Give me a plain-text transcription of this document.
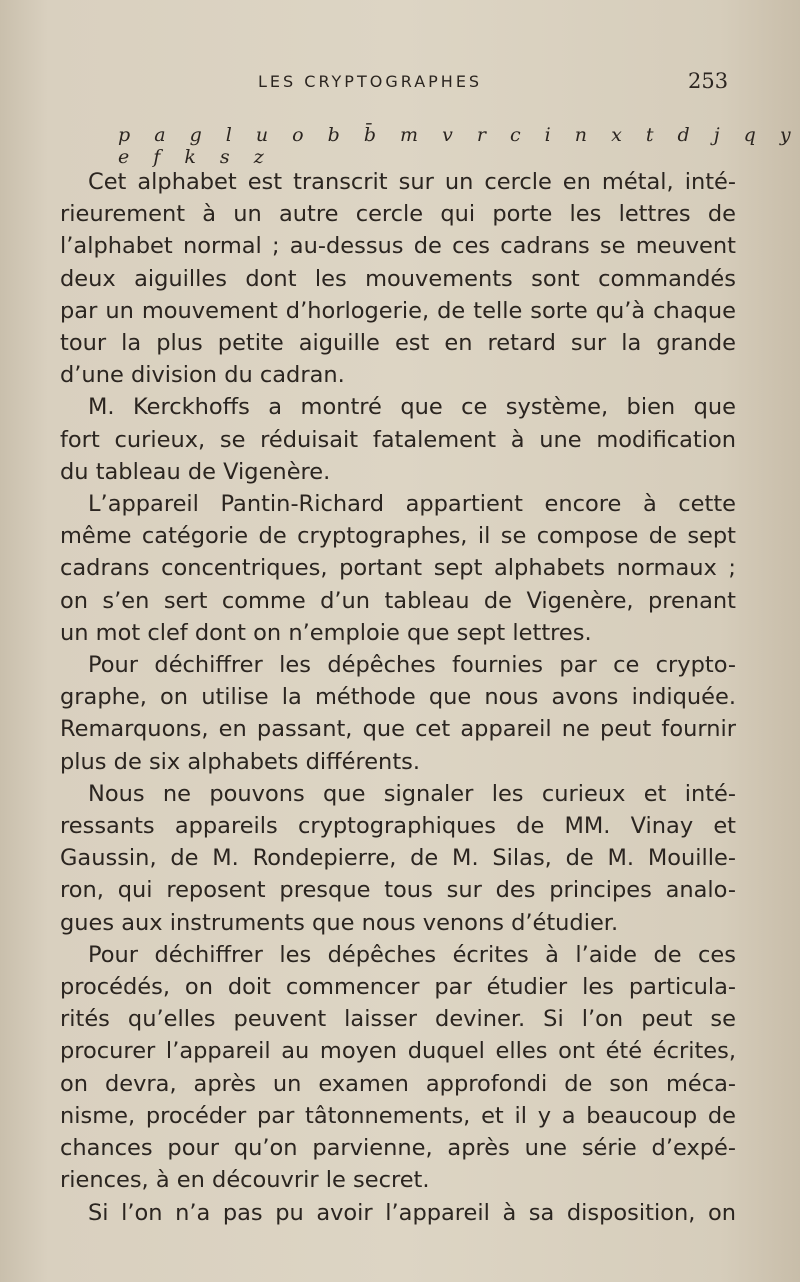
LES CRYPTOGRAPHES	253
p a g l u o b b̄ m v r c i n x t d j q y e f k s z
Cet alphabet est transcrit sur un cercle en métal, inté-
rieurement à un autre cercle qui porte les lettres de
l’alphabet normal ; au-dessus de ces cadrans se meuvent
deux aiguilles dont les mouvements sont commandés
par un mouvement d’horlogerie, de telle sorte qu’à chaque
tour la plus petite aiguille est en retard sur la grande
d’une division du cadran.
M. Kerckhoffs a montré que ce système, bien que
fort curieux, se réduisait fatalement à une modification
du tableau de Vigenère.
L’appareil Pantin-Richard appartient encore à cette
même catégorie de cryptographes, il se compose de sept
cadrans concentriques, portant sept alphabets normaux ;
on s’en sert comme d’un tableau de Vigenère, prenant
un mot clef dont on n’emploie que sept lettres.
Pour déchiffrer les dépêches fournies par ce crypto-
graphe, on utilise la méthode que nous avons indiquée.
Remarquons, en passant, que cet appareil ne peut fournir
plus de six alphabets différents.
Nous ne pouvons que signaler les curieux et inté-
ressants appareils cryptographiques de MM. Vinay et
Gaussin, de M. Rondepierre, de M. Silas, de M. Mouille-
ron, qui reposent presque tous sur des principes analo-
gues aux instruments que nous venons d’étudier.
Pour déchiffrer les dépêches écrites à l’aide de ces
procédés, on doit commencer par étudier les particula-
rités qu’elles peuvent laisser deviner. Si l’on peut se
procurer l’appareil au moyen duquel elles ont été écrites,
on devra, après un examen approfondi de son méca-
nisme, procéder par tâtonnements, et il y a beaucoup de
chances pour qu’on parvienne, après une série d’expé-
riences, à en découvrir le secret.
Si l’on n’a pas pu avoir l’appareil à sa disposition, on
